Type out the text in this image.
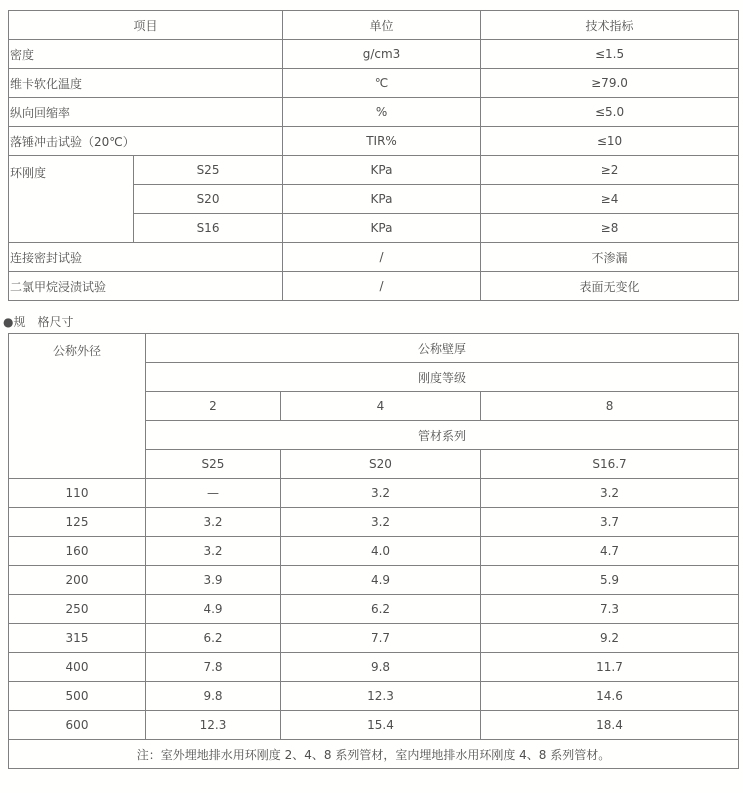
项目		单位	技术指标
密度		g/cm3	≤1.5
维卡软化温度		℃	≥79.0
纵向回缩率		%	≤5.0
落锤冲击试验（20℃）		TIR%	≤10
环刚度	S25	KPa	≥2
	S20	KPa	≥4
	S16	KPa	≥8
连接密封试验		/	不渗漏
二氯甲烷浸渍试验		/	表面无变化
●规　格尺寸
公称外径	公称壁厚		
	刚度等级		
	2	4	8
	管材系列		
	S25	S20	S16.7
110	—	3.2	3.2
125	3.2	3.2	3.7
160	3.2	4.0	4.7
200	3.9	4.9	5.9
250	4.9	6.2	7.3
315	6.2	7.7	9.2
400	7.8	9.8	11.7
500	9.8	12.3	14.6
600	12.3	15.4	18.4
注：室外埋地排水用环刚度 2、4、8 系列管材，室内埋地排水用环刚度 4、8 系列管材。			
